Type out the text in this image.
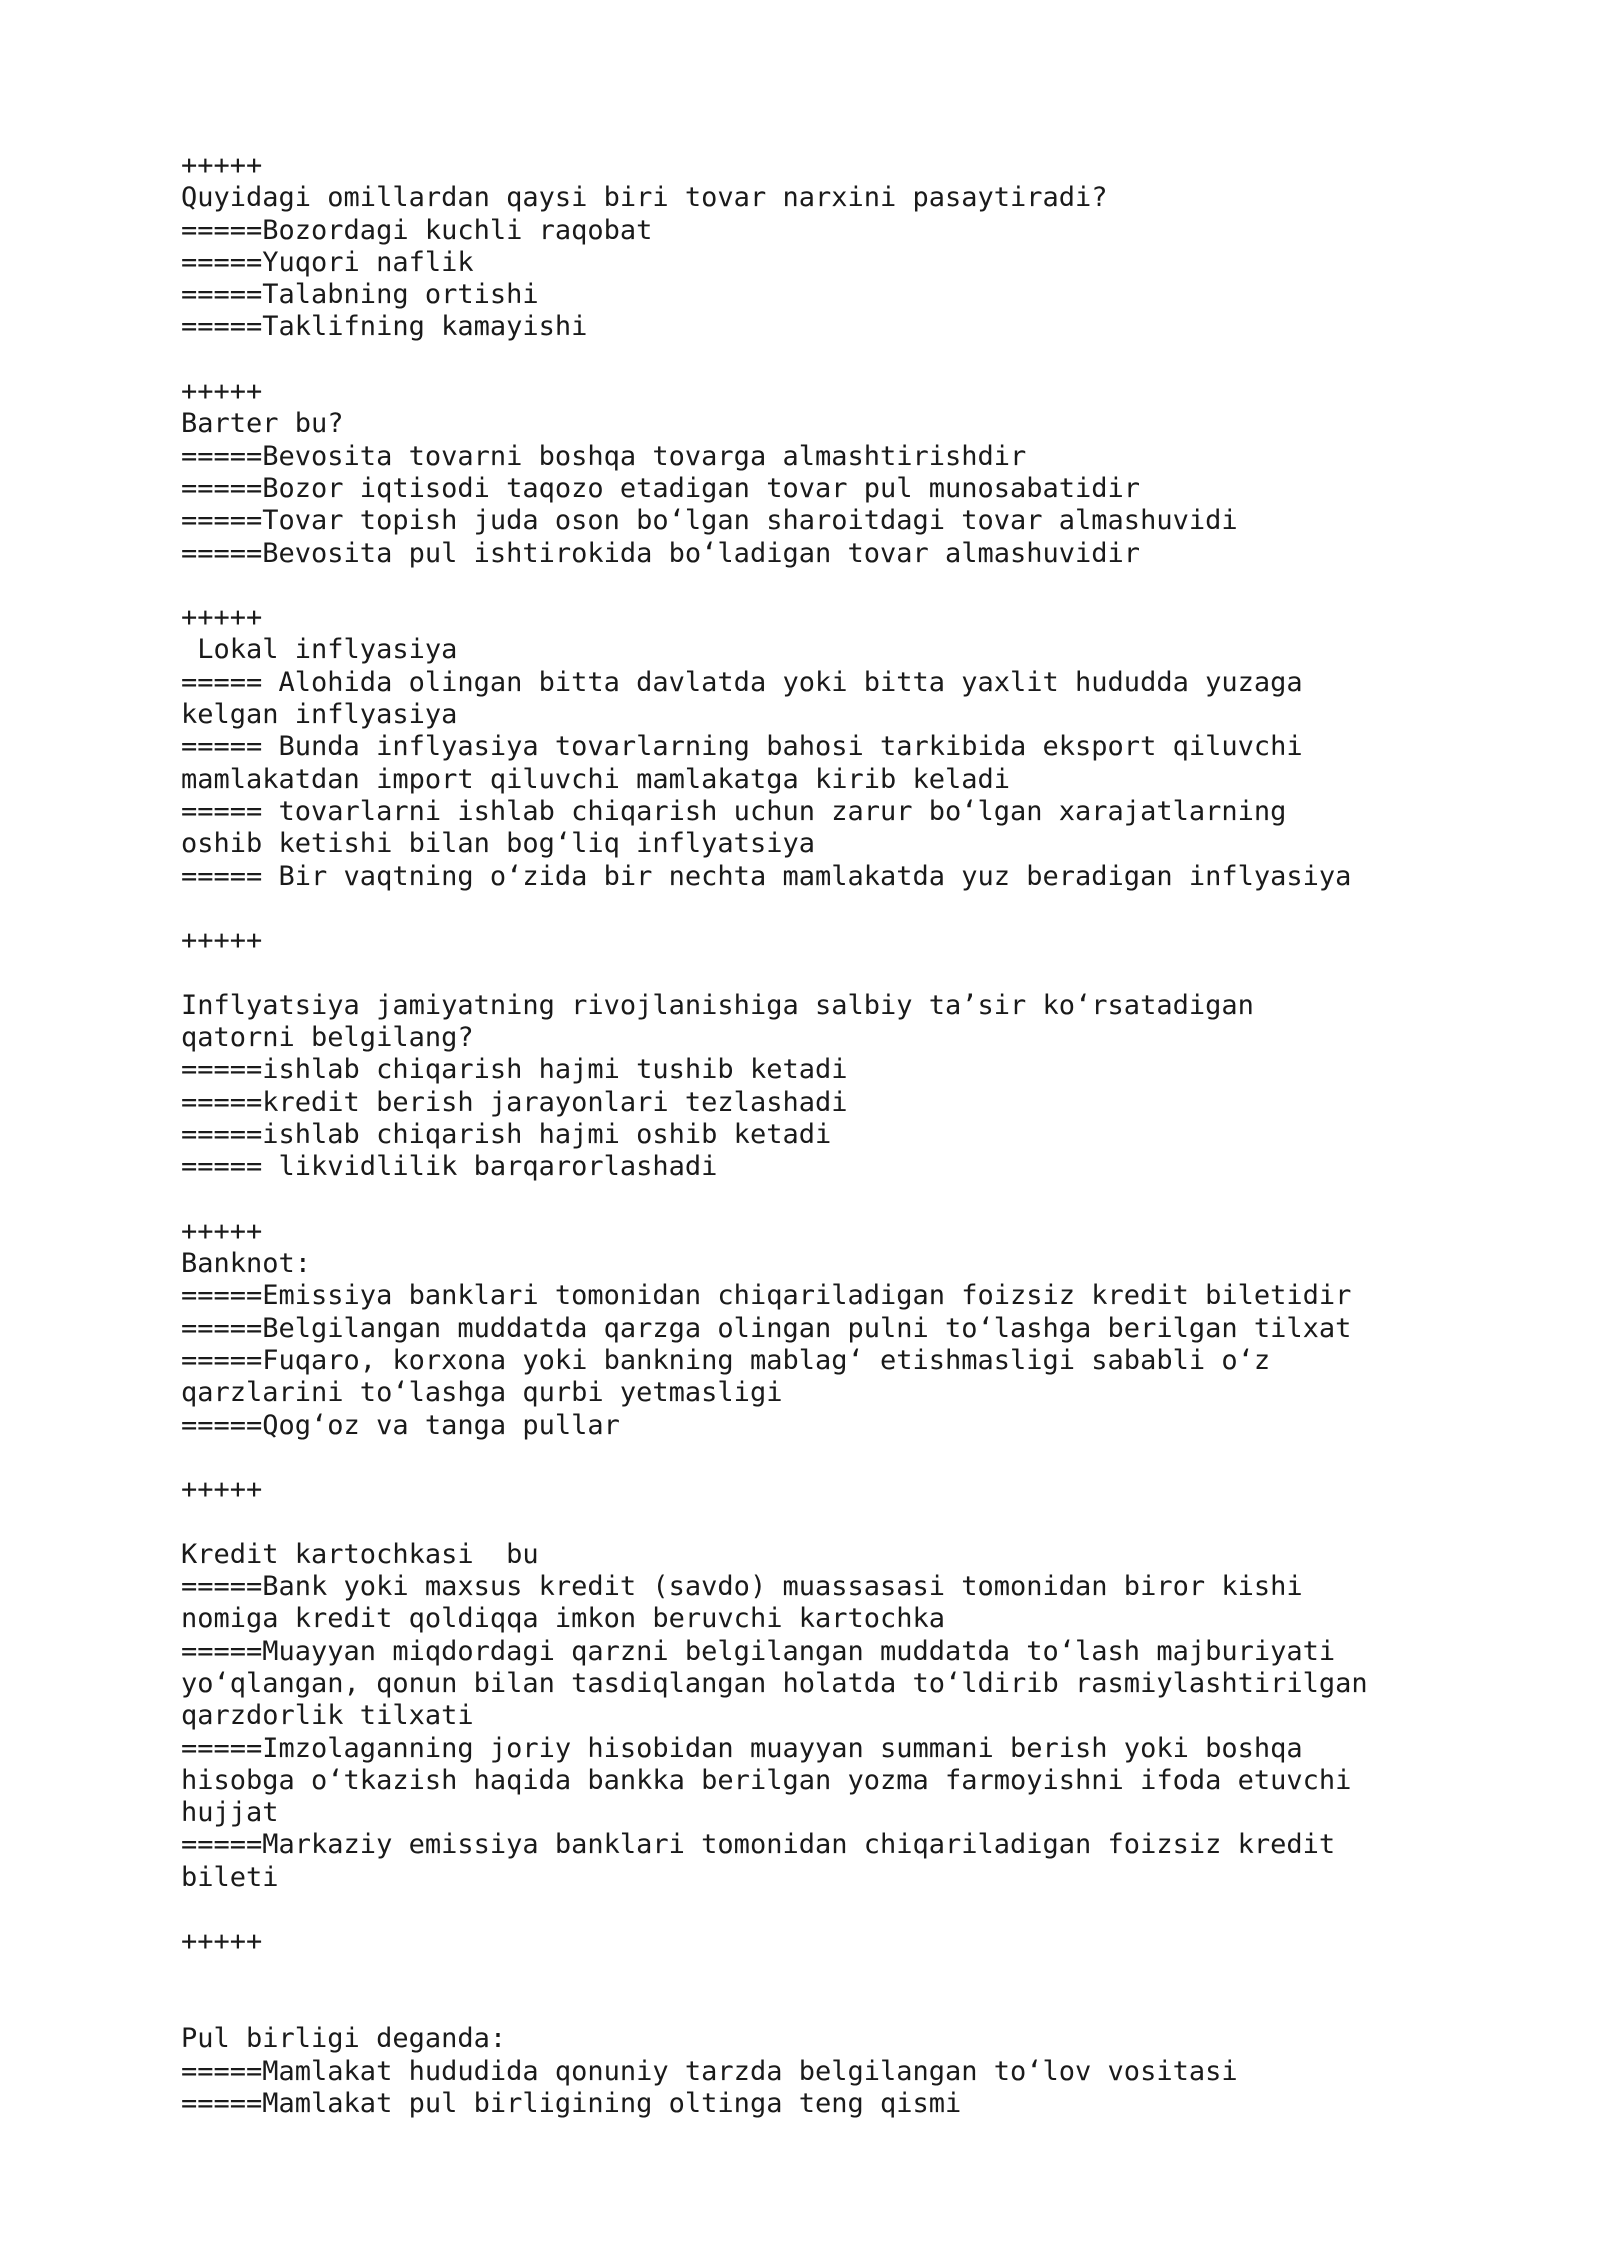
+++++
Quyidagi omillardan qaysi biri tovar narxini pasaytiradi?
=====Bozordagi kuchli raqobat
=====Yuqori naflik
=====Talabning ortishi
=====Taklifning kamayishi
+++++
Barter bu?
=====Bevosita tovarni boshqa tovarga almashtirishdir
=====Bozor iqtisodi taqozo etadigan tovar pul munosabatidir
=====Tovar topish juda oson bo‘lgan sharoitdagi tovar almashuvidi
=====Bevosita pul ishtirokida bo‘ladigan tovar almashuvidir
+++++
Lokal inflyasiya
===== Alohida olingan bitta davlatda yoki bitta yaxlit hududda yuzaga
kelgan inflyasiya
===== Bunda inflyasiya tovarlarning bahosi tarkibida eksport qiluvchi
mamlakatdan import qiluvchi mamlakatga kirib keladi
===== tovarlarni ishlab chiqarish uchun zarur bo‘lgan xarajatlarning
oshib ketishi bilan bog‘liq inflyatsiya
===== Bir vaqtning o‘zida bir nechta mamlakatda yuz beradigan inflyasiya
+++++
Inflyatsiya jamiyatning rivojlanishiga salbiy ta’sir ko‘rsatadigan
qatorni belgilang?
=====ishlab chiqarish hajmi tushib ketadi
=====kredit berish jarayonlari tezlashadi
=====ishlab chiqarish hajmi oshib ketadi
===== likvidlilik barqarorlashadi
+++++
Banknot:
=====Emissiya banklari tomonidan chiqariladigan foizsiz kredit biletidir
=====Belgilangan muddatda qarzga olingan pulni to‘lashga berilgan tilxat
=====Fuqaro, korxona yoki bankning mablag‘ etishmasligi sababli o‘z
qarzlarini to‘lashga qurbi yetmasligi
=====Qog‘oz va tanga pullar
+++++
Kredit kartochkasi  bu
=====Bank yoki maxsus kredit (savdo) muassasasi tomonidan biror kishi
nomiga kredit qoldiqqa imkon beruvchi kartochka
=====Muayyan miqdordagi qarzni belgilangan muddatda to‘lash majburiyati
yo‘qlangan, qonun bilan tasdiqlangan holatda to‘ldirib rasmiylashtirilgan
qarzdorlik tilxati
=====Imzolaganning joriy hisobidan muayyan summani berish yoki boshqa
hisobga o‘tkazish haqida bankka berilgan yozma farmoyishni ifoda etuvchi
hujjat
=====Markaziy emissiya banklari tomonidan chiqariladigan foizsiz kredit
bileti
+++++
Pul birligi deganda:
=====Mamlakat hududida qonuniy tarzda belgilangan to‘lov vositasi
=====Mamlakat pul birligining oltinga teng qismi
